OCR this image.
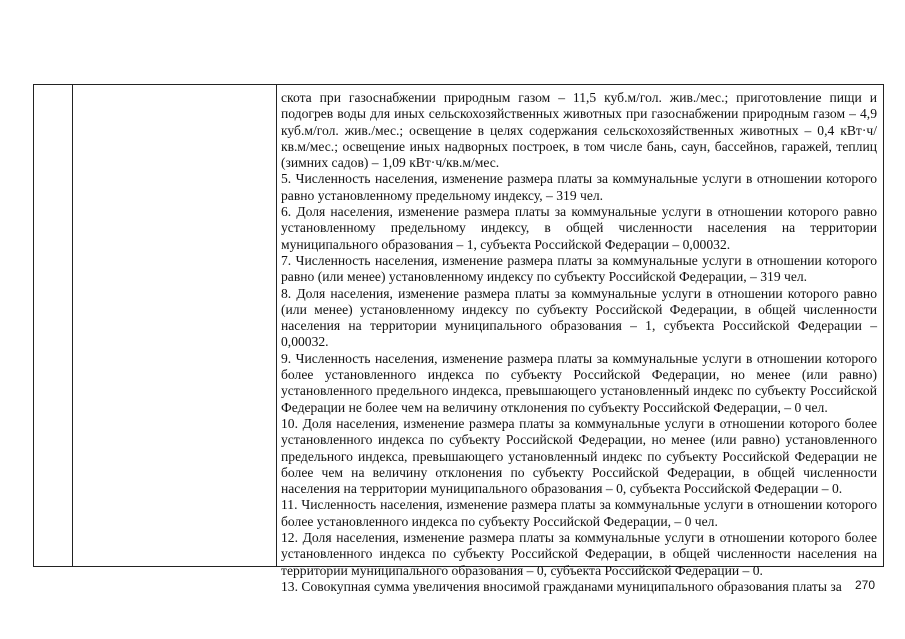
скота при газоснабжении природным газом – 11,5 куб.м/гол. жив./мес.; приготовление пищи и подогрев воды для иных сельскохозяйственных животных при газоснабжении природным газом – 4,9 куб.м/гол. жив./мес.; освещение в целях содержания сельскохозяйственных животных – 0,4 кВт·ч/кв.м/мес.; освещение иных надворных построек, в том числе бань, саун, бассейнов, гаражей, теплиц (зимних садов) – 1,09 кВт·ч/кв.м/мес.

5. Численность населения, изменение размера платы за коммунальные услуги в отношении которого равно установленному предельному индексу, – 319 чел.

6. Доля населения, изменение размера платы за коммунальные услуги в отношении которого равно установленному предельному индексу, в общей численности населения на территории муниципального образования – 1, субъекта Российской Федерации – 0,00032.

7. Численность населения, изменение размера платы за коммунальные услуги в отношении которого равно (или менее) установленному индексу по субъекту Российской Федерации, – 319 чел.

8. Доля населения, изменение размера платы за коммунальные услуги в отношении которого равно (или менее) установленному индексу по субъекту Российской Федерации, в общей численности населения на территории муниципального образования – 1, субъекта Российской Федерации – 0,00032.

9. Численность населения, изменение размера платы за коммунальные услуги в отношении которого более установленного индекса по субъекту Российской Федерации, но менее (или равно) установленного предельного индекса, превышающего установленный индекс по субъекту Российской Федерации не более чем на величину отклонения по субъекту Российской Федерации, – 0 чел.

10. Доля населения, изменение размера платы за коммунальные услуги в отношении которого более установленного индекса по субъекту Российской Федерации, но менее (или равно) установленного предельного индекса, превышающего установленный индекс по субъекту Российской Федерации не более чем на величину отклонения по субъекту Российской Федерации, в общей численности населения на территории муниципального образования – 0, субъекта Российской Федерации – 0.

11. Численность населения, изменение размера платы за коммунальные услуги в отношении которого более установленного индекса по субъекту Российской Федерации, – 0 чел.

12. Доля населения, изменение размера платы за коммунальные услуги в отношении которого более установленного индекса по субъекту Российской Федерации, в общей численности населения на территории муниципального образования – 0, субъекта Российской Федерации – 0.

13. Совокупная сумма увеличения вносимой гражданами муниципального образования платы за	270
